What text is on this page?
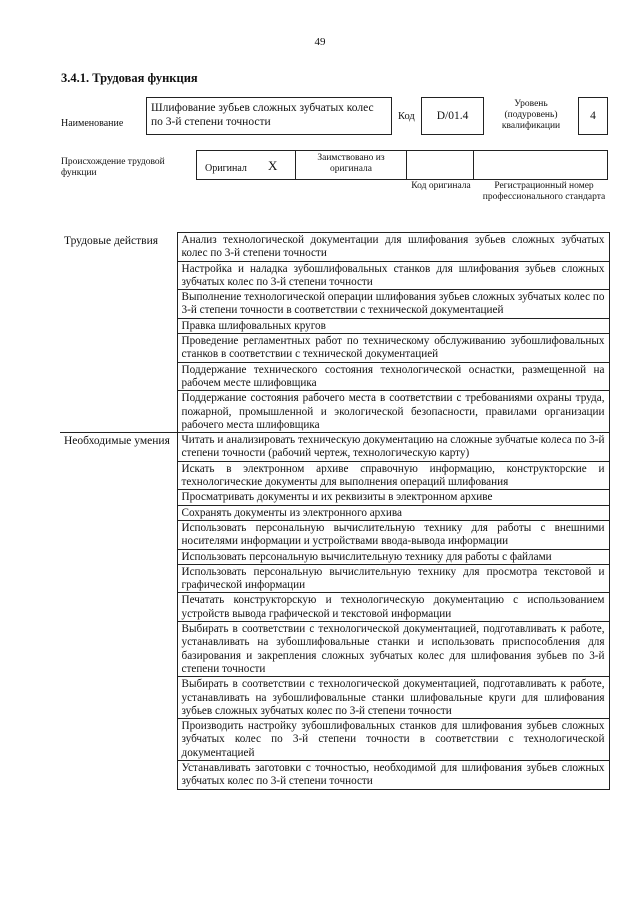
49
3.4.1. Трудовая функция
Наименование
Шлифование зубьев сложных зубчатых колес по 3-й степени точности	Код	D/01.4
Уровень (подуровень) квалификации
4
Происхождение трудовой функции	Оригинал X	Заимствовано из оригинала
Код оригинала	Регистрационный номер профессионального стандарта
Трудовые действия	Анализ технологической документации для шлифования зубьев сложных зубчатых колес по 3-й степени точности
	Настройка и наладка зубошлифовальных станков для шлифования зубьев сложных зубчатых колес по 3-й степени точности
	Выполнение технологической операции шлифования зубьев сложных зубчатых колес по 3-й степени точности в соответствии с технической документацией
	Правка шлифовальных кругов
	Проведение регламентных работ по техническому обслуживанию зубошлифовальных станков в соответствии с технической документацией
	Поддержание технического состояния технологической оснастки, размещенной на рабочем месте шлифовщика
	Поддержание состояния рабочего места в соответствии с требованиями охраны труда, пожарной, промышленной и экологической безопасности, правилами организации рабочего места шлифовщика
Необходимые умения	Читать и анализировать техническую документацию на сложные зубчатые колеса по 3-й степени точности (рабочий чертеж, технологическую карту)
	Искать в электронном архиве справочную информацию, конструкторские и технологические документы для выполнения операций шлифования
	Просматривать документы и их реквизиты в электронном архиве
	Сохранять документы из электронного архива
	Использовать персональную вычислительную технику для работы с внешними носителями информации и устройствами ввода-вывода информации
	Использовать персональную вычислительную технику для работы с файлами
	Использовать персональную вычислительную технику для просмотра текстовой и графической информации
	Печатать конструкторскую и технологическую документацию с использованием устройств вывода графической и текстовой информации
	Выбирать в соответствии с технологической документацией, подготавливать к работе, устанавливать на зубошлифовальные станки и использовать приспособления для базирования и закрепления сложных зубчатых колес для шлифования зубьев по 3-й степени точности
	Выбирать в соответствии с технологической документацией, подготавливать к работе, устанавливать на зубошлифовальные станки шлифовальные круги для шлифования зубьев сложных зубчатых колес по 3-й степени точности
	Производить настройку зубошлифовальных станков для шлифования зубьев сложных зубчатых колес по 3-й степени точности в соответствии с технологической документацией
	Устанавливать заготовки с точностью, необходимой для шлифования зубьев сложных зубчатых колес по 3-й степени точности
